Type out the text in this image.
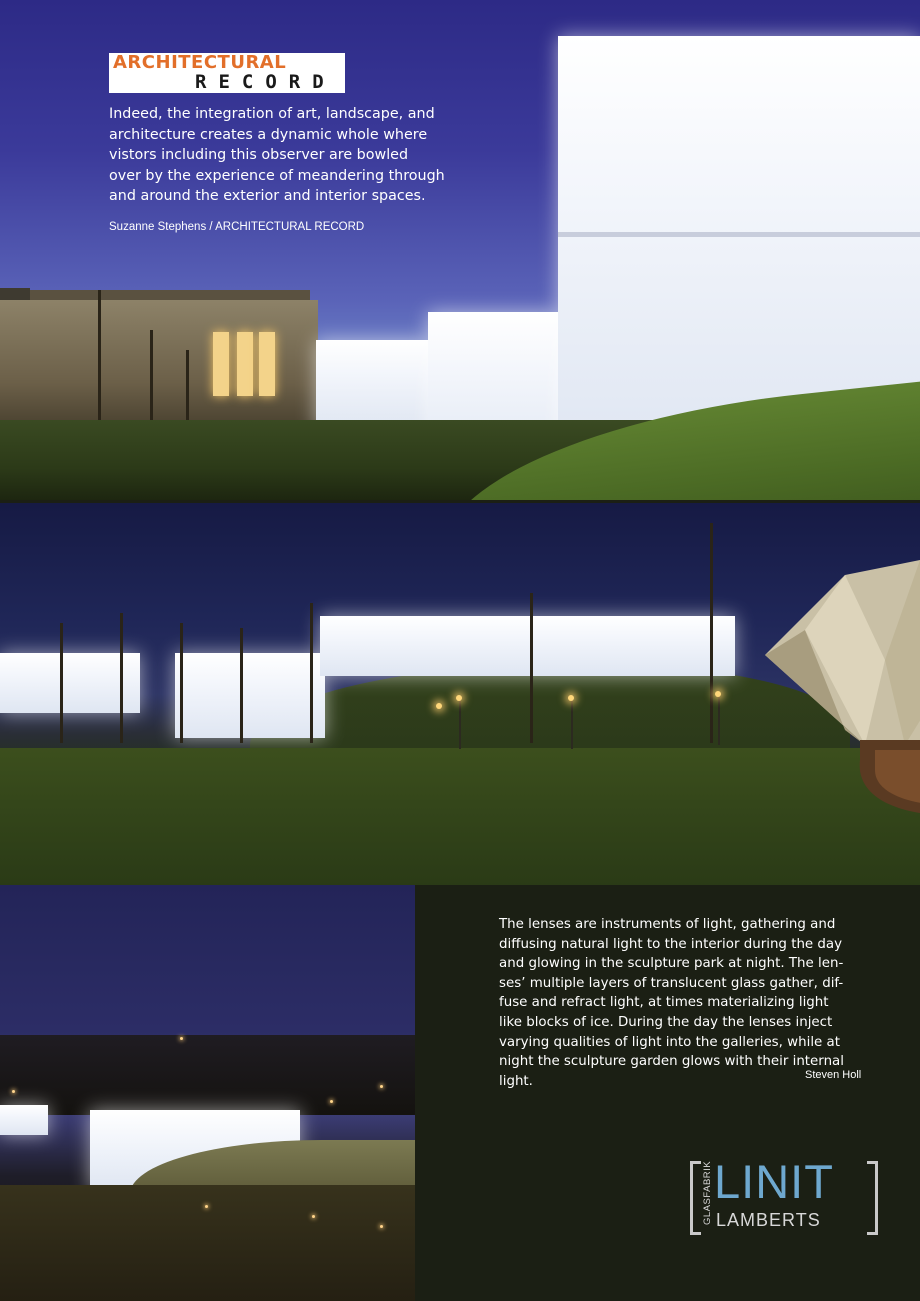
ARCHITECTURAL
RECORD
Indeed, the integration of art, landscape, and
architecture creates a dynamic whole where
vistors including this observer are bowled
over by the experience of meandering through
and around the exterior and interior spaces.
Suzanne Stephens / ARCHITECTURAL RECORD
The lenses are instruments of light, gathering and
diffusing natural light to the interior during the day
and glowing in the sculpture park at night. The len-
ses’ multiple layers of translucent glass gather, dif-
fuse and refract light, at times materializing light
like blocks of ice. During the day the lenses inject
varying qualities of light into the galleries, while at
night the sculpture garden glows with their internal
light.	Steven Holl
GLASFABRIK LINIT
LAMBERTS
